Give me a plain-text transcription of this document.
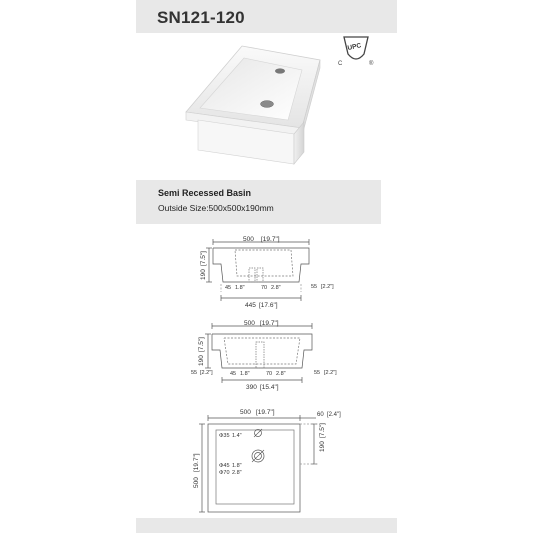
SN121-120
UPC
C	®
Semi Recessed Basin
Outside Size:500x500x190mm
500 [19.7"]
190
[7.5"]
45 1.8"	70 2.8"	55 [2.2"]
445 [17.6"]
500 [19.7"]
190
[7.5"]
55 [2.2"]	45 1.8"	70 2.8"	55 [2.2"]
390 [15.4"]
500 [19.7"]	60 [2.4"]
190
[7.5"]
500
[19.7"]
Φ35 1.4"
Φ45 1.8"
Φ70 2.8"
